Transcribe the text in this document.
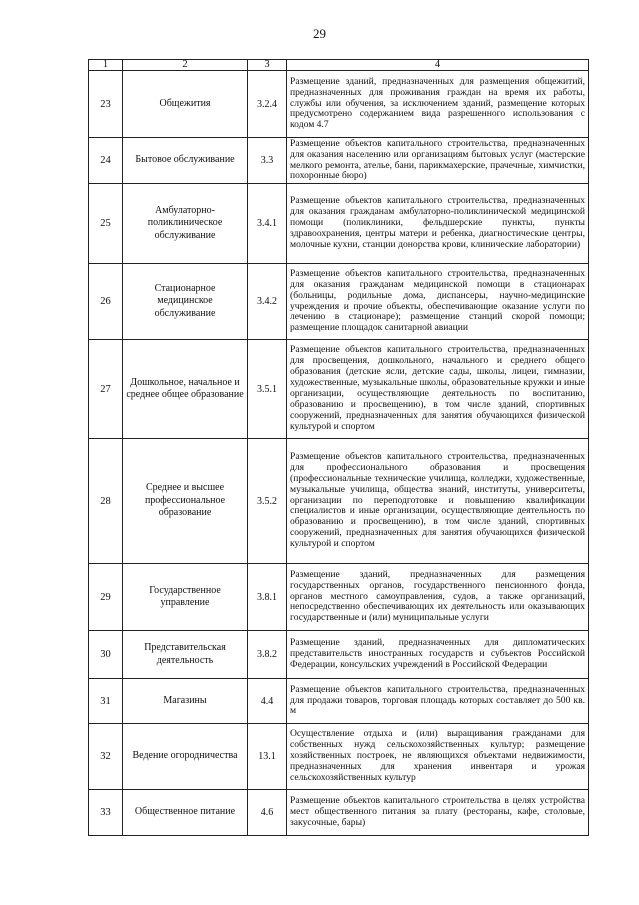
29
1	2	3	4
23	Общежития	3.2.4	Размещение зданий, предназначенных для размещения общежитий, предназначенных для проживания граждан на время их работы, службы или обучения, за исключением зданий, размещение которых предусмотрено содержанием вида разрешенного использования с кодом 4.7
24	Бытовое обслуживание	3.3	Размещение объектов капитального строительства, предназначенных для оказания населению или организациям бытовых услуг (мастерские мелкого ремонта, ателье, бани, парикмахерские, прачечные, химчистки, похоронные бюро)
25	Амбулаторно-поликлиническое обслуживание	3.4.1	Размещение объектов капитального строительства, предназначенных для оказания гражданам амбулаторно-поликлинической медицинской помощи (поликлиники, фельдшерские пункты, пункты здравоохранения, центры матери и ребенка, диагностические центры, молочные кухни, станции донорства крови, клинические лаборатории)
26	Стационарное медицинское обслуживание	3.4.2	Размещение объектов капитального строительства, предназначенных для оказания гражданам медицинской помощи в стационарах (больницы, родильные дома, диспансеры, научно-медицинские учреждения и прочие объекты, обеспечивающие оказание услуги по лечению в стационаре); размещение станций скорой помощи; размещение площадок санитарной авиации
27	Дошкольное, начальное и среднее общее образование	3.5.1	Размещение объектов капитального строительства, предназначенных для просвещения, дошкольного, начального и среднего общего образования (детские ясли, детские сады, школы, лицеи, гимназии, художественные, музыкальные школы, образовательные кружки и иные организации, осуществляющие деятельность по воспитанию, образованию и просвещению), в том числе зданий, спортивных сооружений, предназначенных для занятия обучающихся физической культурой и спортом
28	Среднее и высшее профессиональное образование	3.5.2	Размещение объектов капитального строительства, предназначенных для профессионального образования и просвещения (профессиональные технические училища, колледжи, художественные, музыкальные училища, общества знаний, институты, университеты, организации по переподготовке и повышению квалификации специалистов и иные организации, осуществляющие деятельность по образованию и просвещению), в том числе зданий, спортивных сооружений, предназначенных для занятия обучающихся физической культурой и спортом
29	Государственное управление	3.8.1	Размещение зданий, предназначенных для размещения государственных органов, государственного пенсионного фонда, органов местного самоуправления, судов, а также организаций, непосредственно обеспечивающих их деятельность или оказывающих государственные и (или) муниципальные услуги
30	Представительская деятельность	3.8.2	Размещение зданий, предназначенных для дипломатических представительств иностранных государств и субъектов Российской Федерации, консульских учреждений в Российской Федерации
31	Магазины	4.4	Размещение объектов капитального строительства, предназначенных для продажи товаров, торговая площадь которых составляет до 500 кв. м
32	Ведение огородничества	13.1	Осуществление отдыха и (или) выращивания гражданами для собственных нужд сельскохозяйственных культур; размещение хозяйственных построек, не являющихся объектами недвижимости, предназначенных для хранения инвентаря и урожая сельскохозяйственных культур
33	Общественное питание	4.6	Размещение объектов капитального строительства в целях устройства мест общественного питания за плату (рестораны, кафе, столовые, закусочные, бары)
